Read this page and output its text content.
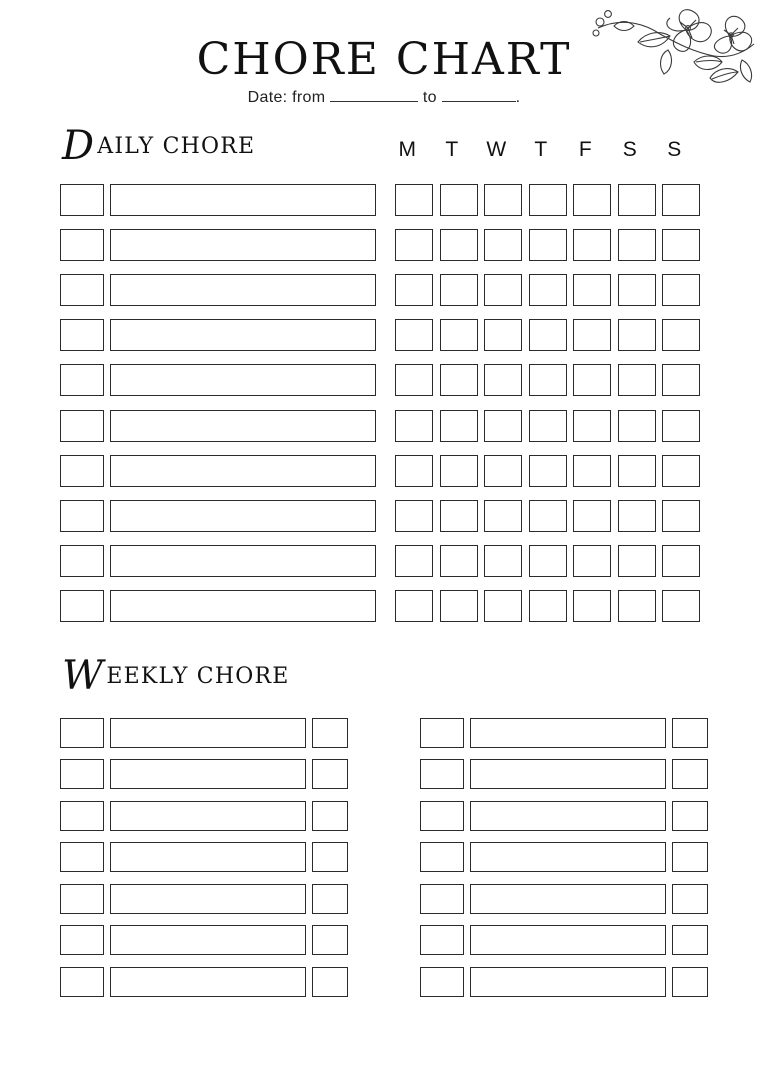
CHORE CHART
Date: from	to	.
DAILY CHORE	M	T	W	T	F	S	S
WEEKLY CHORE
